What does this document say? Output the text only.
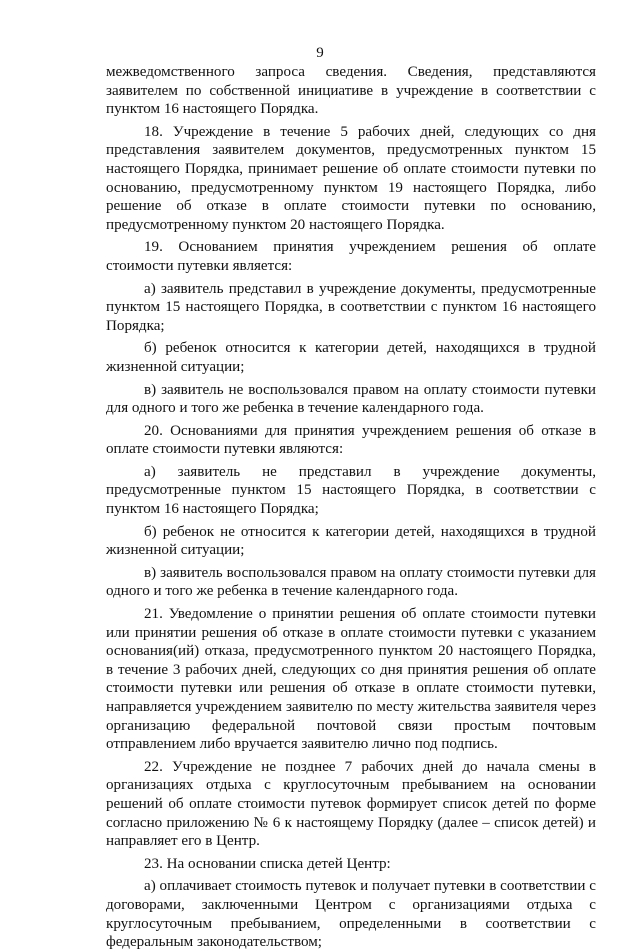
9

межведомственного запроса сведения. Сведения, представляются заявителем по собственной инициативе в учреждение в соответствии с пунктом 16 настоящего Порядка.

18. Учреждение в течение 5 рабочих дней, следующих со дня представления заявителем документов, предусмотренных пунктом 15 настоящего Порядка, принимает решение об оплате стоимости путевки по основанию, предусмотренному пунктом 19 настоящего Порядка, либо решение об отказе в оплате стоимости путевки по основанию, предусмотренному пунктом 20 настоящего Порядка.

19. Основанием принятия учреждением решения об оплате стоимости путевки является:

а) заявитель представил в учреждение документы, предусмотренные пунктом 15 настоящего Порядка, в соответствии с пунктом 16 настоящего Порядка;

б) ребенок относится к категории детей, находящихся в трудной жизненной ситуации;

в) заявитель не воспользовался правом на оплату стоимости путевки для одного и того же ребенка в течение календарного года.

20. Основаниями для принятия учреждением решения об отказе в оплате стоимости путевки являются:

а) заявитель не представил в учреждение документы, предусмотренные пунктом 15 настоящего Порядка, в соответствии с пунктом 16 настоящего Порядка;

б) ребенок не относится к категории детей, находящихся в трудной жизненной ситуации;

в) заявитель воспользовался правом на оплату стоимости путевки для одного и того же ребенка в течение календарного года.

21. Уведомление о принятии решения об оплате стоимости путевки или принятии решения об отказе в оплате стоимости путевки с указанием основания(ий) отказа, предусмотренного пунктом 20 настоящего Порядка, в течение 3 рабочих дней, следующих со дня принятия решения об оплате стоимости путевки или решения об отказе в оплате стоимости путевки, направляется учреждением заявителю по месту жительства заявителя через организацию федеральной почтовой связи простым почтовым отправлением либо вручается заявителю лично под подпись.

22. Учреждение не позднее 7 рабочих дней до начала смены в организациях отдыха с круглосуточным пребыванием на основании решений об оплате стоимости путевок формирует список детей по форме согласно приложению № 6 к настоящему Порядку (далее – список детей) и направляет его в Центр.

23. На основании списка детей Центр:

а) оплачивает стоимость путевок и получает путевки в соответствии с договорами, заключенными Центром с организациями отдыха с круглосуточным пребыванием, определенными в соответствии с федеральным законодательством;
